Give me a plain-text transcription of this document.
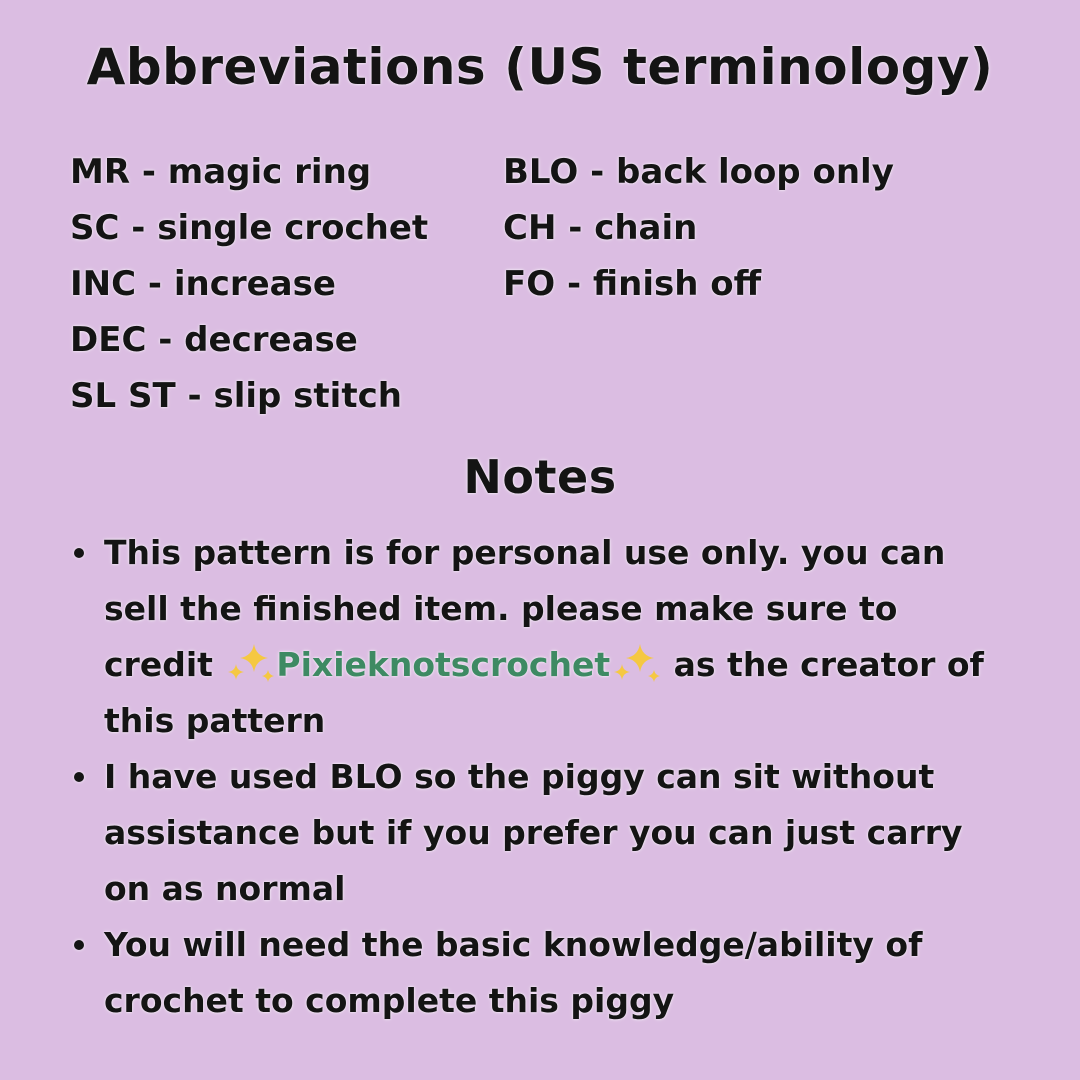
Abbreviations (US terminology)
MR - magic ring
SC - single crochet
INC - increase
DEC - decrease
SL ST - slip stitch
BLO - back loop only
CH - chain
FO - finish off
Notes
This pattern is for personal use only. you can sell the finished item. please make sure to credit
Pixieknotscrochet
as the creator of this pattern
I have used BLO so the piggy can sit without assistance but if you prefer you can just carry on as normal
You will need the basic knowledge/ability of crochet to complete this piggy
